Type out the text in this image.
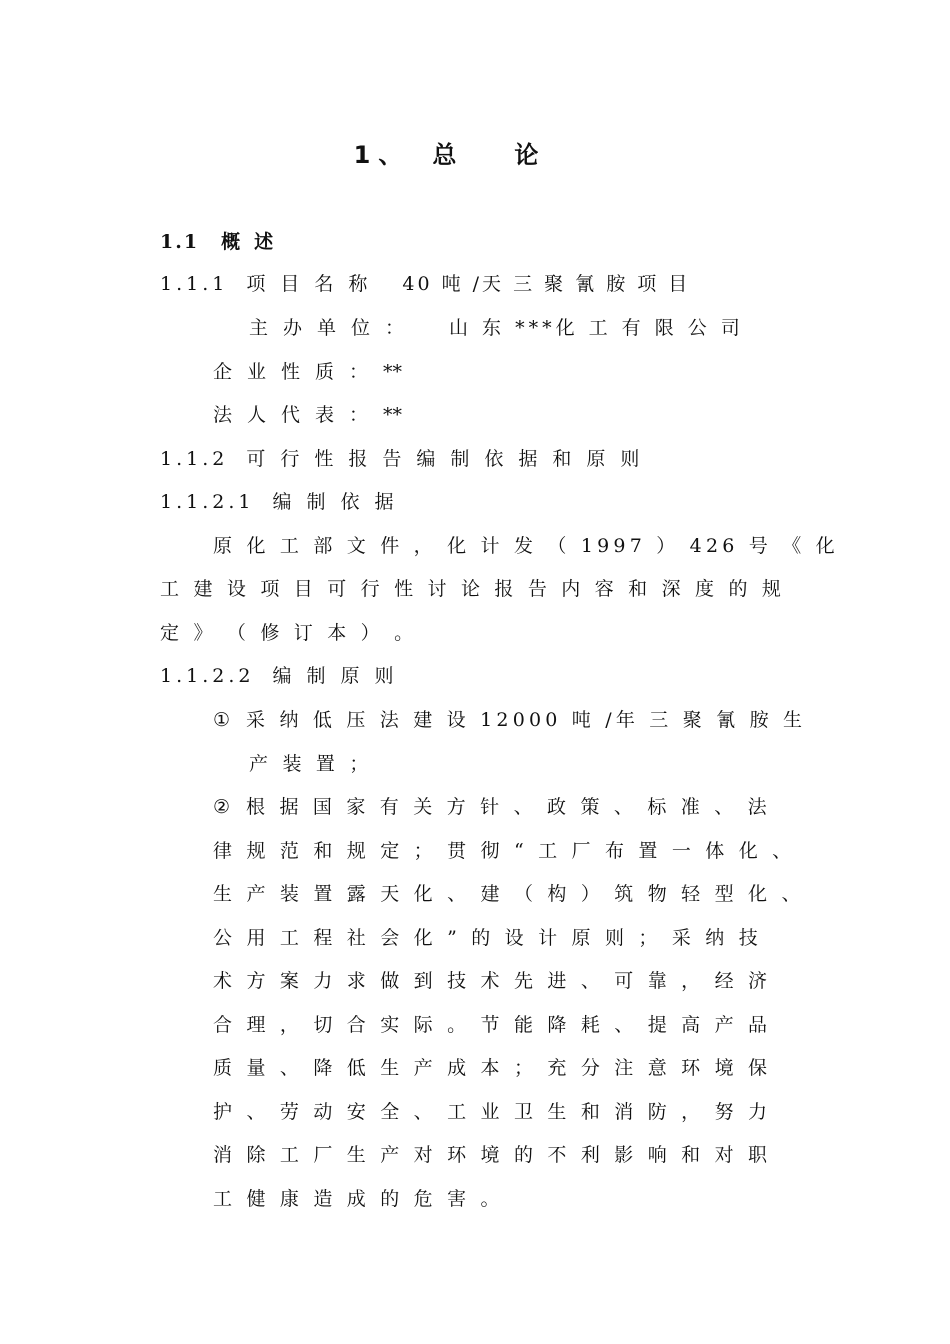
1、 总论
1.1 概述
1.1.1 项目名称 40 吨 /天 三 聚 氰 胺 项 目
主办单位： 山 东 ***化 工 有 限 公 司
企业性质：**
法人代表：**
1.1.2 可行性报告编制依据和原则
1.1.2.1 编制依据
原 化 工 部 文 件 ， 化 计 发 （ 1997 ） 426 号 《 化
工 建 设 项 目 可 行 性 讨 论 报 告 内 容 和 深 度 的 规
定 》 （ 修 订 本 ） 。
1.1.2.2 编制原则
① 采 纳 低 压 法 建 设 12000 吨 /年 三 聚 氰 胺 生
产 装 置 ；
② 根 据 国 家 有 关 方 针 、 政 策 、 标 准 、 法
律 规 范 和 规 定 ； 贯 彻 “ 工 厂 布 置 一 体 化 、
生 产 装 置 露 天 化 、 建 （ 构 ） 筑 物 轻 型 化 、
公 用 工 程 社 会 化 ” 的 设 计 原 则 ； 采 纳 技
术 方 案 力 求 做 到 技 术 先 进 、 可 靠 ， 经 济
合 理 ， 切 合 实 际 。 节 能 降 耗 、 提 高 产 品
质 量 、 降 低 生 产 成 本 ； 充 分 注 意 环 境 保
护 、 劳 动 安 全 、 工 业 卫 生 和 消 防 ， 努 力
消 除 工 厂 生 产 对 环 境 的 不 利 影 响 和 对 职
工 健 康 造 成 的 危 害 。
